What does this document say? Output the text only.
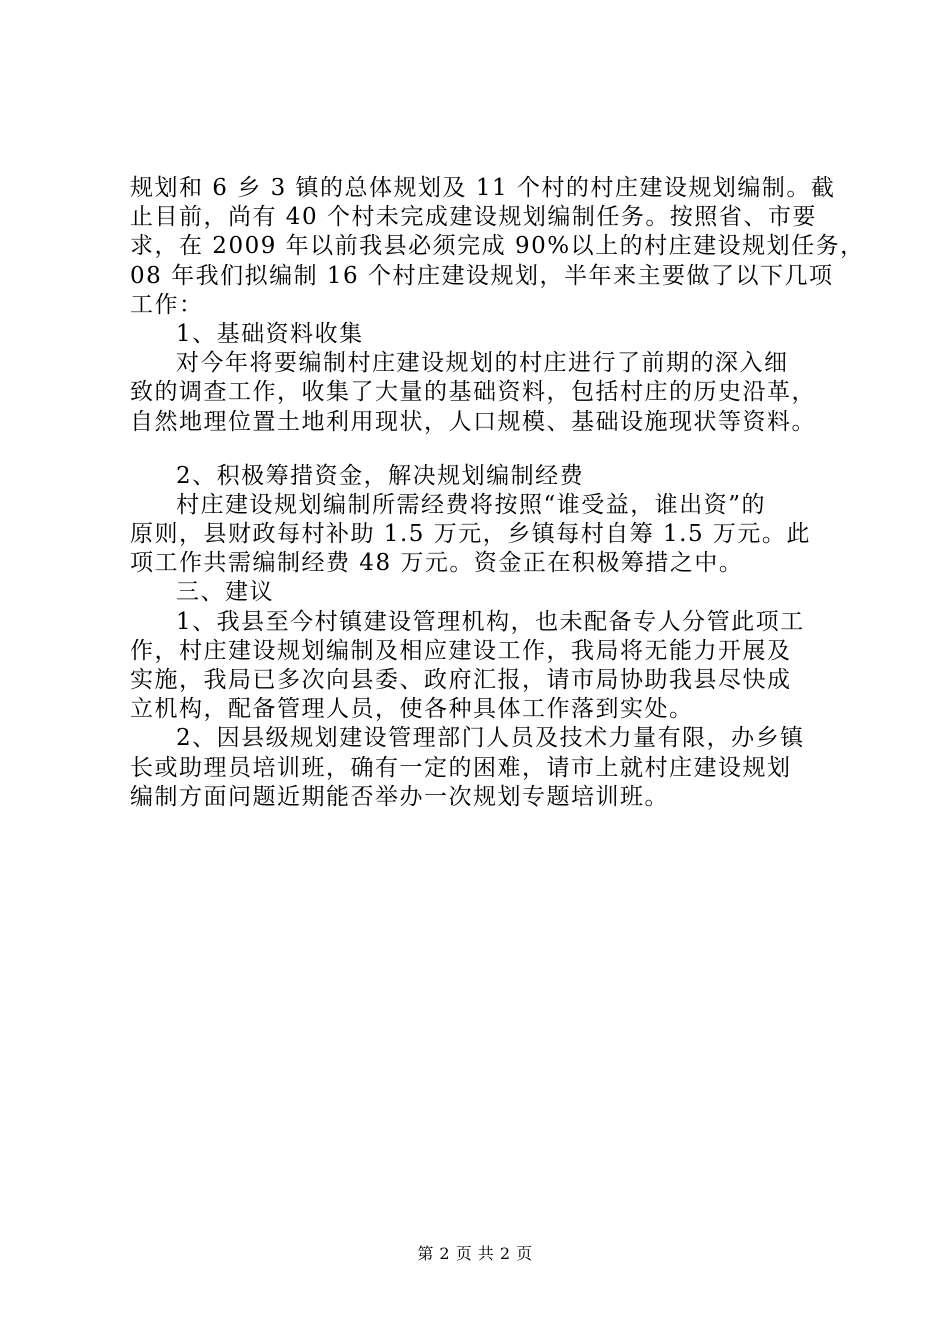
规划和 6 乡 3 镇的总体规划及 11 个村的村庄建设规划编制。截
止目前，尚有 40 个村未完成建设规划编制任务。按照省、市要
求，在 2009 年以前我县必须完成 90%以上的村庄建设规划任务，
08 年我们拟编制 16 个村庄建设规划，半年来主要做了以下几项
工作：
1、基础资料收集
对今年将要编制村庄建设规划的村庄进行了前期的深入细
致的调查工作，收集了大量的基础资料，包括村庄的历史沿革，
自然地理位置土地利用现状，人口规模、基础设施现状等资料。
2、积极筹措资金，解决规划编制经费
村庄建设规划编制所需经费将按照“谁受益，谁出资”的
原则，县财政每村补助 1.5 万元，乡镇每村自筹 1.5 万元。此
项工作共需编制经费 48 万元。资金正在积极筹措之中。
三、建议
1、我县至今村镇建设管理机构，也未配备专人分管此项工
作，村庄建设规划编制及相应建设工作，我局将无能力开展及
实施，我局已多次向县委、政府汇报，请市局协助我县尽快成
立机构，配备管理人员，使各种具体工作落到实处。
2、因县级规划建设管理部门人员及技术力量有限，办乡镇
长或助理员培训班，确有一定的困难，请市上就村庄建设规划
编制方面问题近期能否举办一次规划专题培训班。
第 2 页 共 2 页
